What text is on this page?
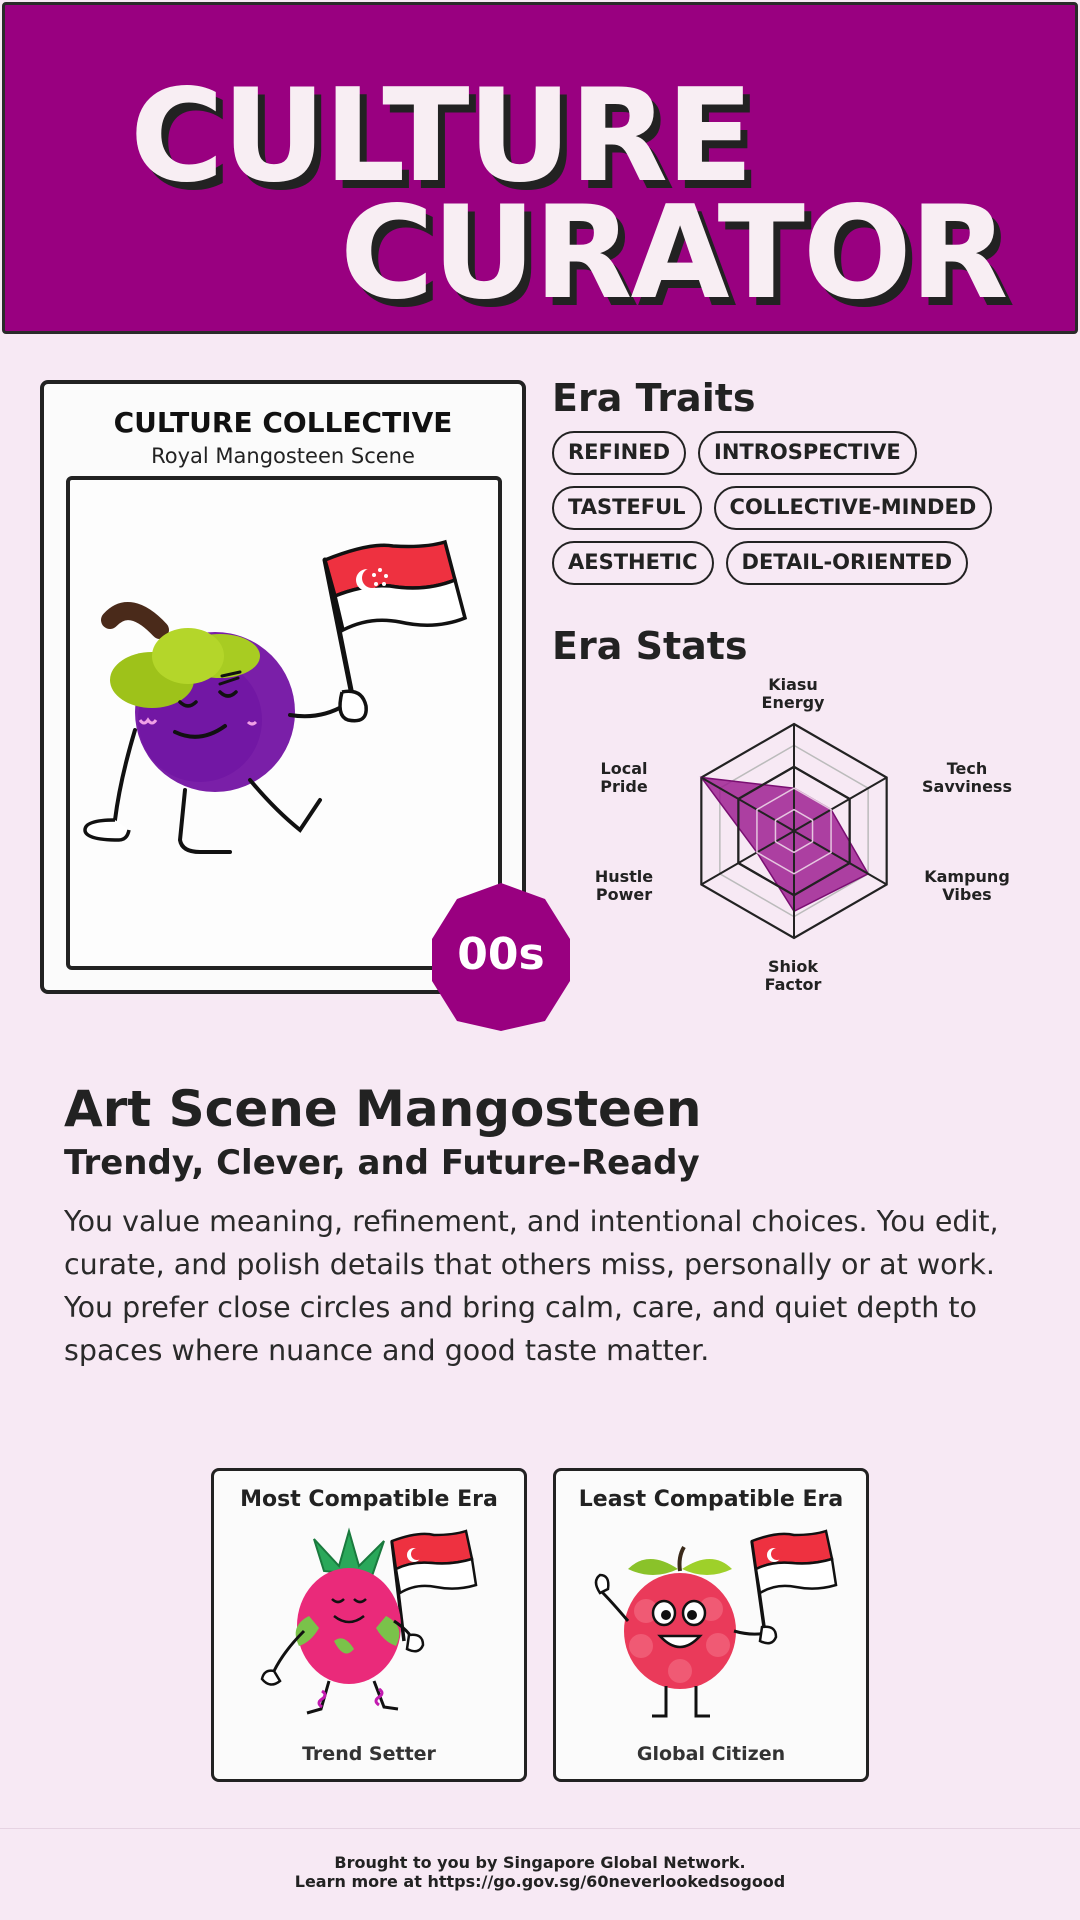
CULTURE
CURATOR
CULTURE COLLECTIVE
Royal Mangosteen Scene
00s
Era Traits
REFINED	INTROSPECTIVE
TASTEFUL	COLLECTIVE-MINDED
AESTHETIC	DETAIL-ORIENTED
Era Stats
Kiasu
Energy
Tech
Savviness
Kampung
Vibes
Shiok
Factor
Hustle
Power
Local
Pride
Art Scene Mangosteen
Trendy, Clever, and Future-Ready
You value meaning, refinement, and intentional choices. You edit, curate, and polish details that others miss, personally or at work. You prefer close circles and bring calm, care, and quiet depth to spaces where nuance and good taste matter.
Most Compatible Era
Trend Setter
Least Compatible Era
Global Citizen
Brought to you by Singapore Global Network.
Learn more at https://go.gov.sg/60neverlookedsogood
